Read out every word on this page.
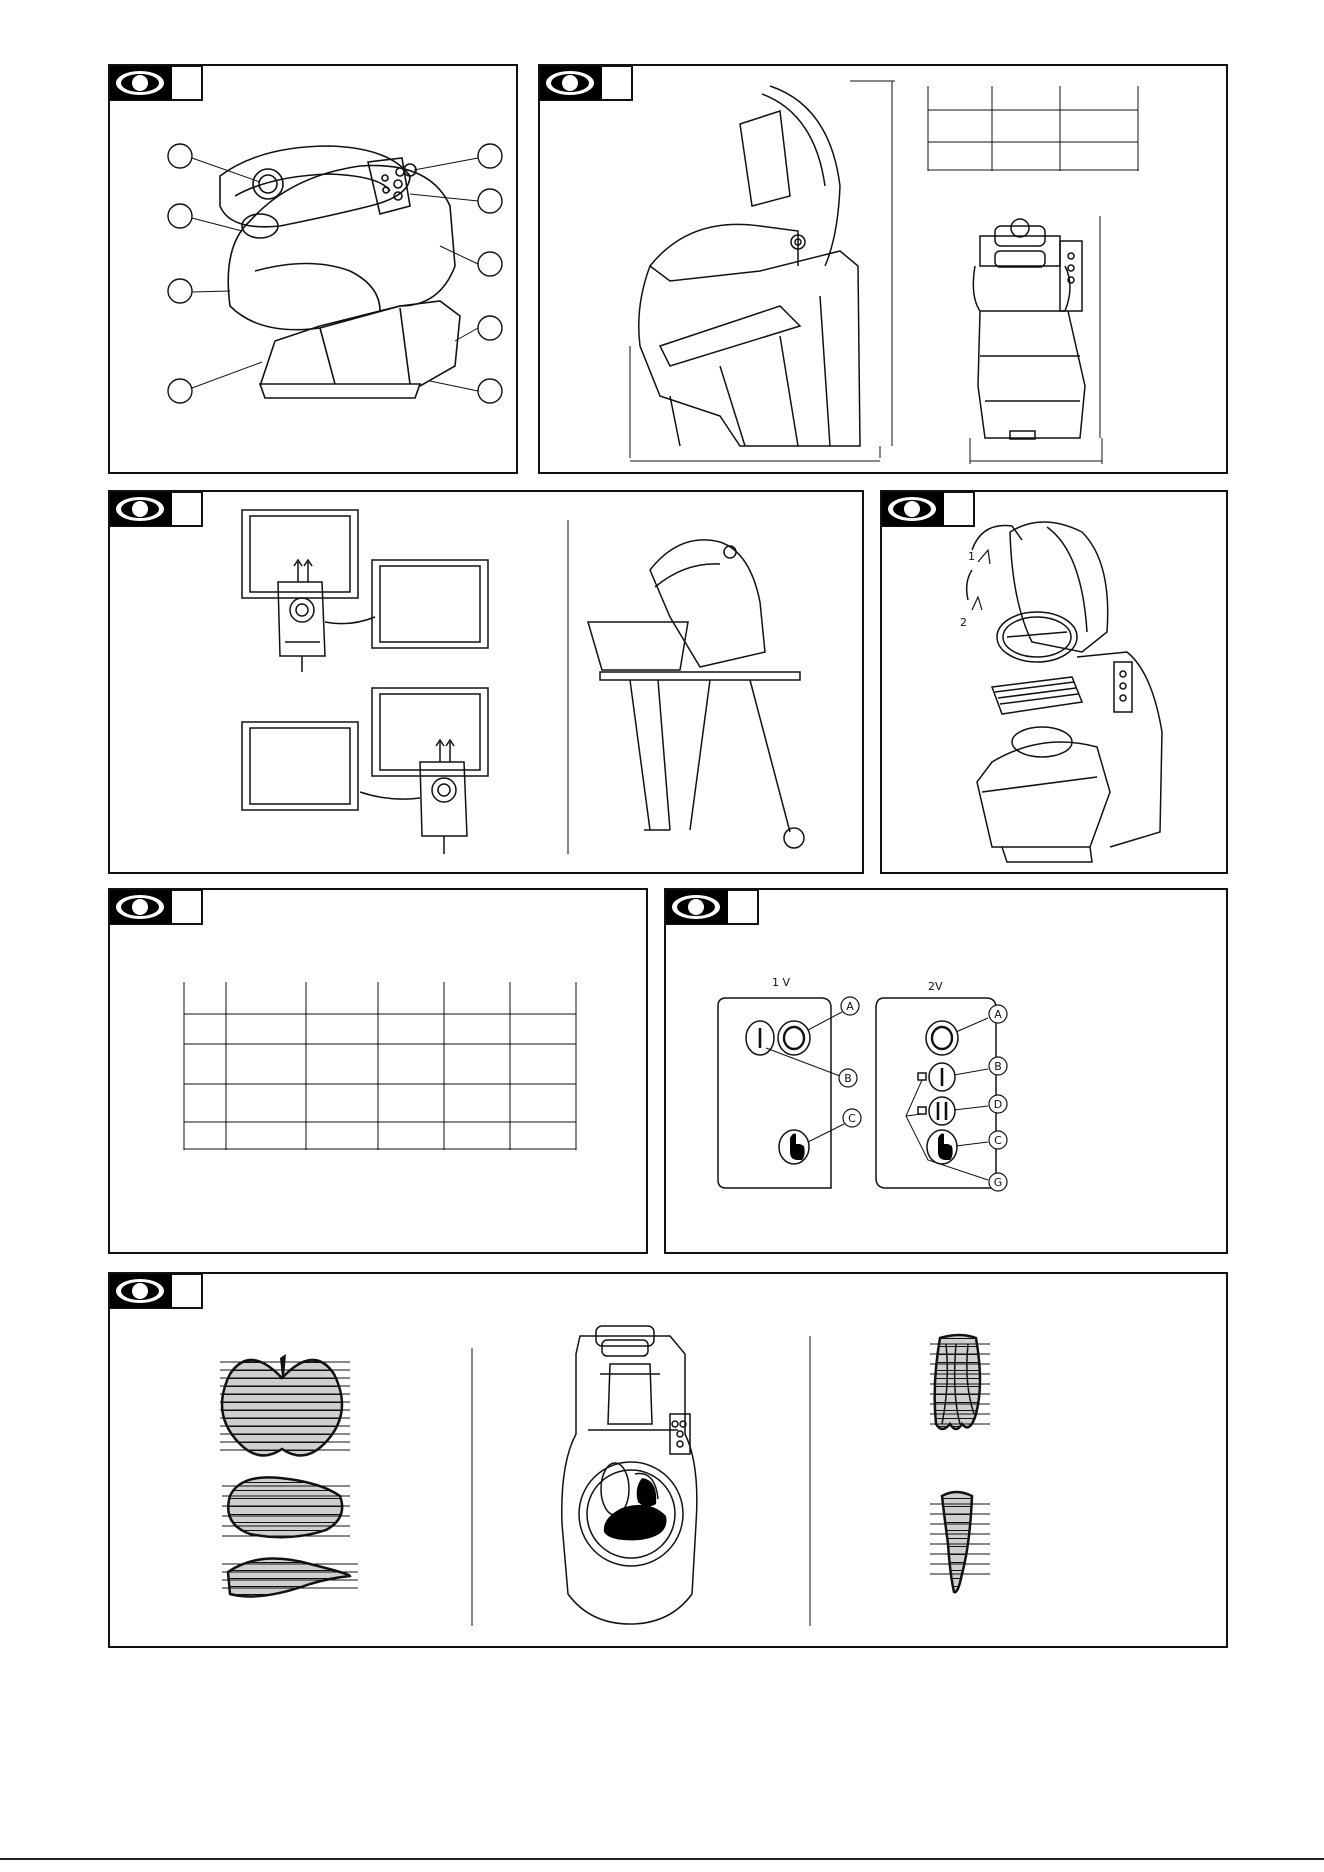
1
2
1 V	2V
A
B
C
A
B
D
C
G
